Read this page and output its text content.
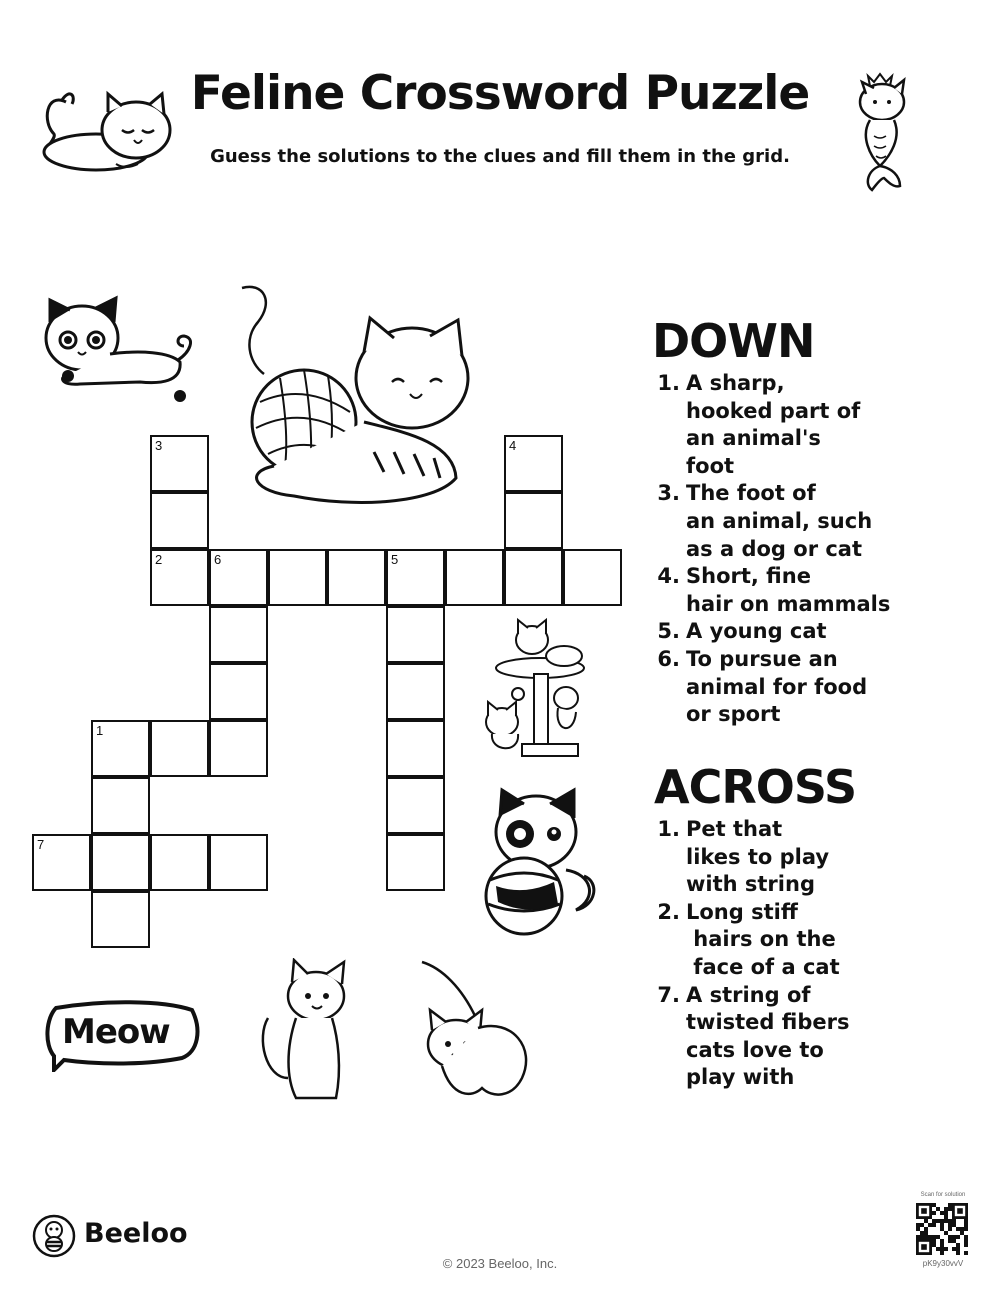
Feline Crossword Puzzle
Guess the solutions to the clues and fill them in the grid.
Meow
3	4
2	6	5
1
7
DOWN
1. A sharp,
hooked part of
an animal's
foot
3. The foot of
an animal, such
as a dog or cat
4. Short, fine
hair on mammals
5. A young cat
6. To pursue an
animal for food
or sport
ACROSS
1. Pet that
likes to play
with string
2. Long stiff
hairs on the
face of a cat
7. A string of
twisted fibers
cats love to
play with
Beeloo
© 2023 Beeloo, Inc.
Scan for solution
pK9y30vvV
